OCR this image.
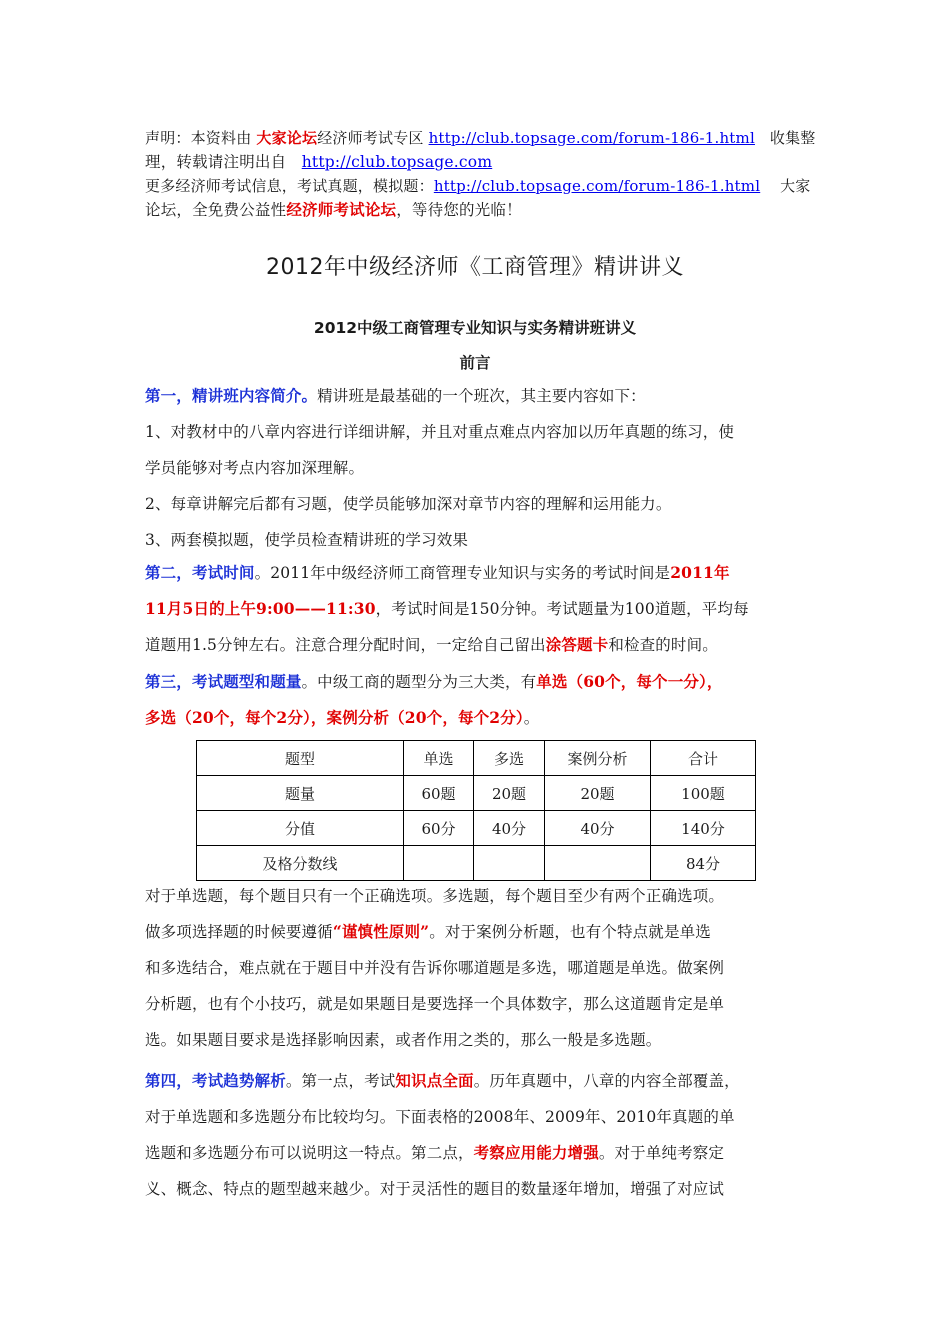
声明：本资料由 大家论坛经济师考试专区 http://club.topsage.com/forum-186-1.html 收集整
理，转载请注明出自 http://club.topsage.com
更多经济师考试信息，考试真题，模拟题：http://club.topsage.com/forum-186-1.html 大家
论坛，全免费公益性经济师考试论坛，等待您的光临！
2012年中级经济师《工商管理》精讲讲义
2012中级工商管理专业知识与实务精讲班讲义
前言

第一，精讲班内容简介。精讲班是最基础的一个班次，其主要内容如下：

1、对教材中的八章内容进行详细讲解，并且对重点难点内容加以历年真题的练习，使

学员能够对考点内容加深理解。

2、每章讲解完后都有习题，使学员能够加深对章节内容的理解和运用能力。

3、两套模拟题，使学员检查精讲班的学习效果

第二，考试时间。2011年中级经济师工商管理专业知识与实务的考试时间是2011年

11月5日的上午9:00——11:30，考试时间是150分钟。考试题量为100道题，平均每

道题用1.5分钟左右。注意合理分配时间，一定给自己留出涂答题卡和检查的时间。

第三，考试题型和题量。中级工商的题型分为三大类，有单选（60个，每个一分），

多选（20个，每个2分），案例分析（20个，每个2分）。

题型	单选	多选	案例分析	合计
题量	60题	20题	20题	100题
分值	60分	40分	40分	140分
及格分数线				84分

对于单选题，每个题目只有一个正确选项。多选题，每个题目至少有两个正确选项。

做多项选择题的时候要遵循“谨慎性原则”。对于案例分析题，也有个特点就是单选

和多选结合，难点就在于题目中并没有告诉你哪道题是多选，哪道题是单选。做案例

分析题，也有个小技巧，就是如果题目是要选择一个具体数字，那么这道题肯定是单

选。如果题目要求是选择影响因素，或者作用之类的，那么一般是多选题。

第四，考试趋势解析。第一点，考试知识点全面。历年真题中，八章的内容全部覆盖，

对于单选题和多选题分布比较均匀。下面表格的2008年、2009年、2010年真题的单

选题和多选题分布可以说明这一特点。第二点，考察应用能力增强。对于单纯考察定

义、概念、特点的题型越来越少。对于灵活性的题目的数量逐年增加，增强了对应试
